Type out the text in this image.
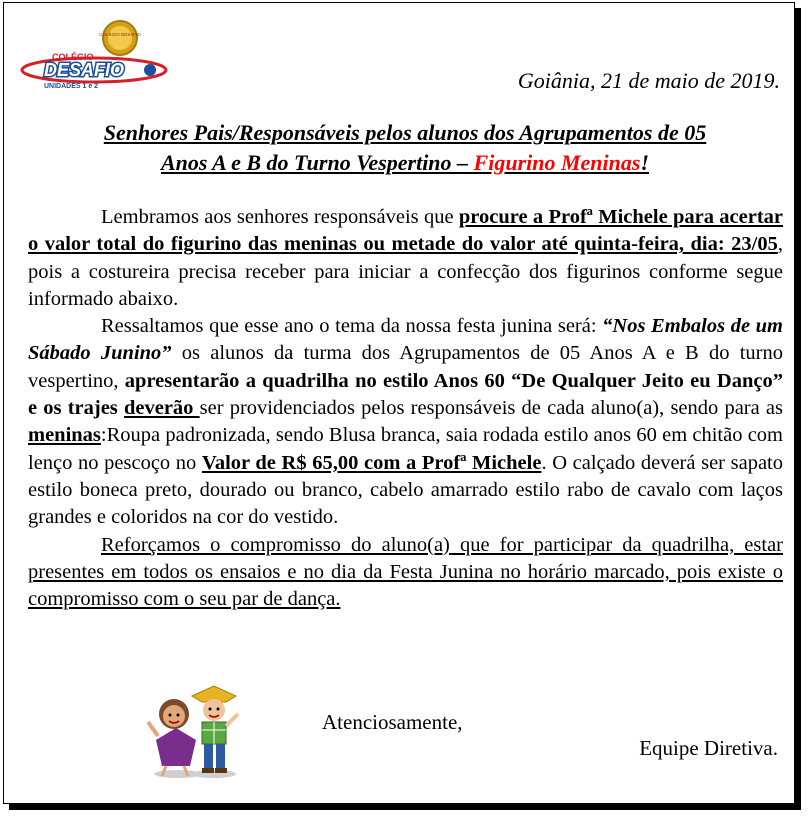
COLÉGIO DESAFIO
COLÉGIO
DESAFIO
UNIDADES 1 e 2	Goiânia, 21 de maio de 2019.
Senhores Pais/Responsáveis pelos alunos dos Agrupamentos de 05
Anos A e B do Turno Vespertino – Figurino Meninas!

Lembramos aos senhores responsáveis que procure a Profª Michele para acertar o valor total do figurino das meninas ou metade do valor até quinta-feira, dia: 23/05, pois a costureira precisa receber para iniciar a confecção dos figurinos conforme segue informado abaixo.

Ressaltamos que esse ano o tema da nossa festa junina será: “Nos Embalos de um Sábado Junino” os alunos da turma dos Agrupamentos de 05 Anos A e B do turno vespertino, apresentarão a quadrilha no estilo Anos 60 “De Qualquer Jeito eu Danço” e os trajes deverão ser providenciados pelos responsáveis de cada aluno(a), sendo para as meninas:Roupa padronizada, sendo Blusa branca, saia rodada estilo anos 60 em chitão com lenço no pescoço no Valor de R$ 65,00 com a Profª Michele. O calçado deverá ser sapato estilo boneca preto, dourado ou branco, cabelo amarrado estilo rabo de cavalo com laços grandes e coloridos na cor do vestido.

Reforçamos o compromisso do aluno(a) que for participar da quadrilha, estar presentes em todos os ensaios e no dia da Festa Junina no horário marcado, pois existe o compromisso com o seu par de dança.

Atenciosamente,
Equipe Diretiva.
